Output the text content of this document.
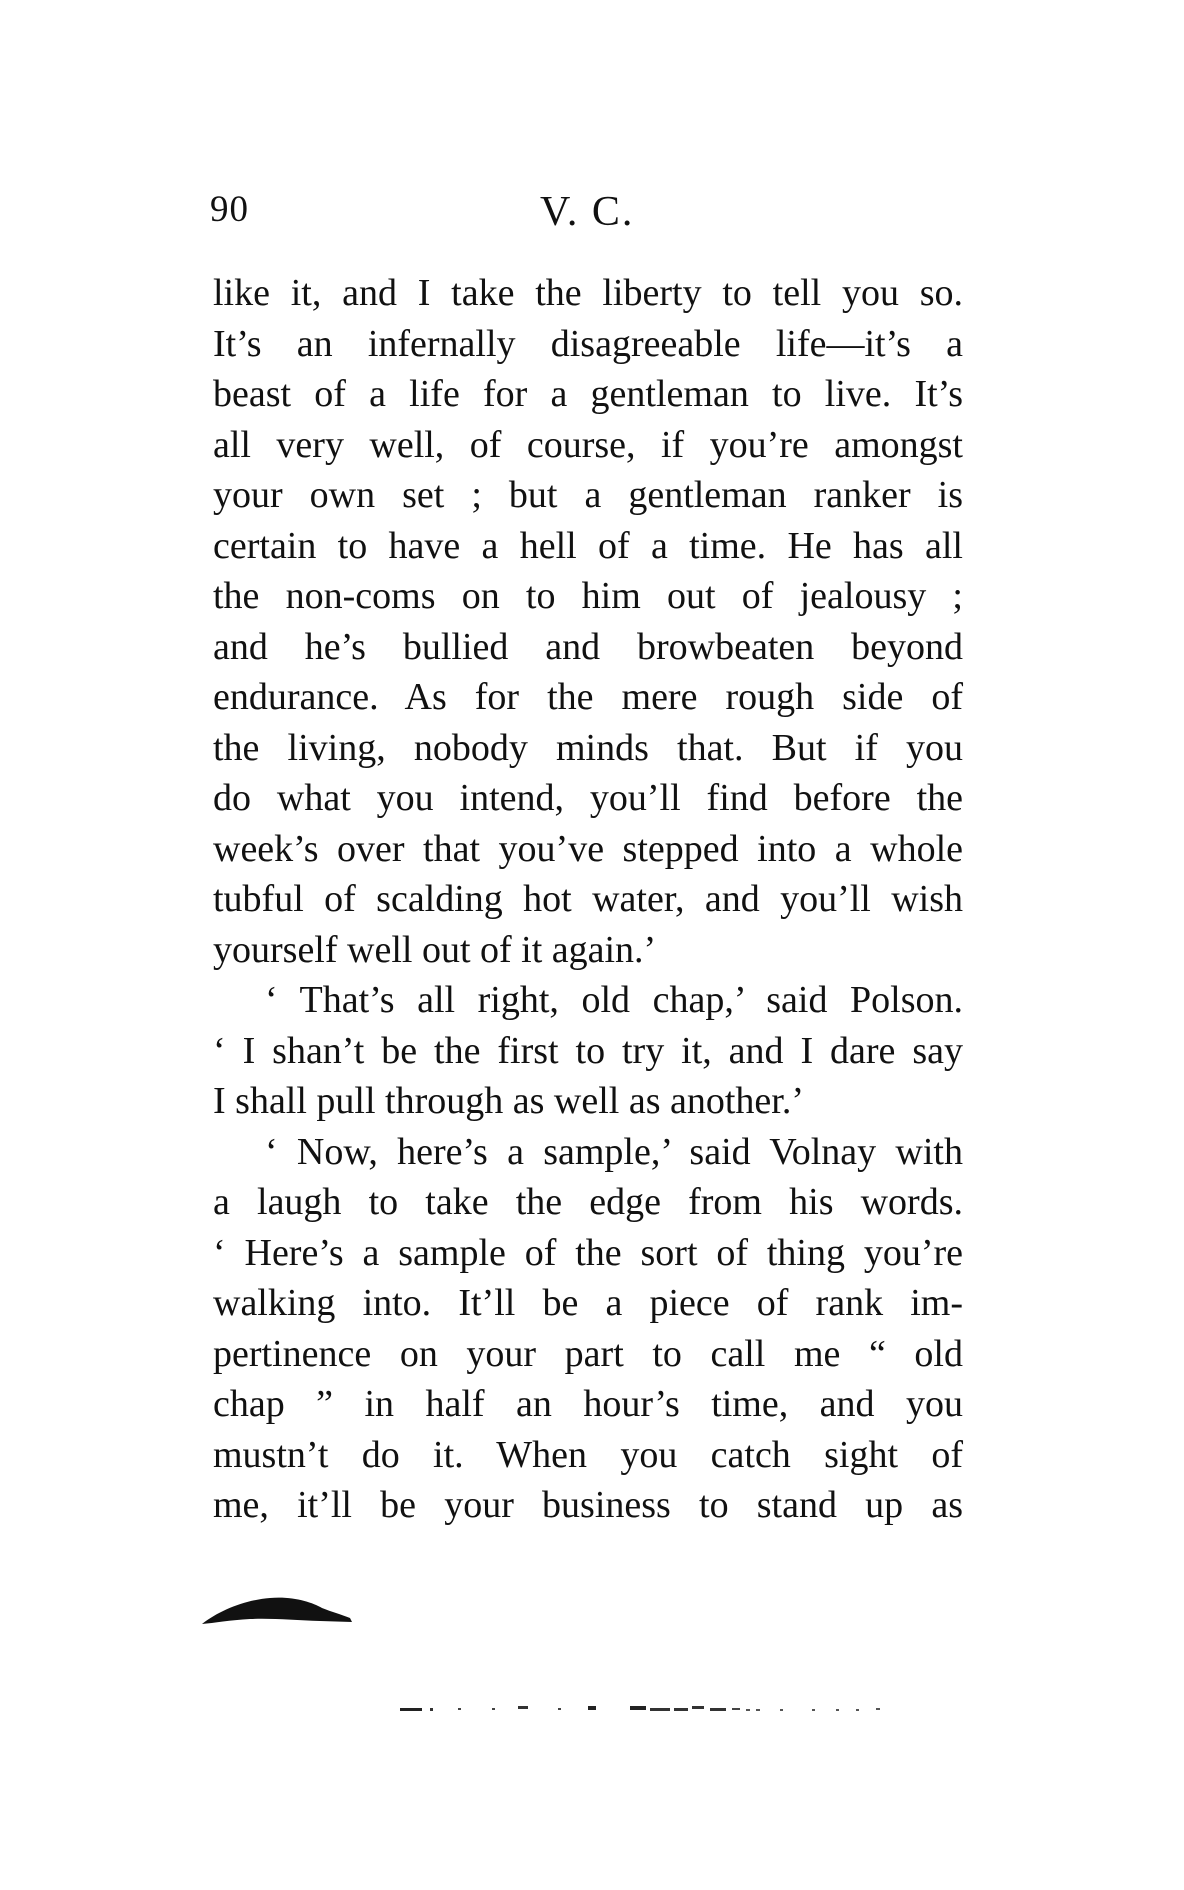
90	V. C.
like it, and I take the liberty to tell you so.
It’s an infernally disagreeable life—it’s a
beast of a life for a gentleman to live. It’s
all very well, of course, if you’re amongst
your own set ; but a gentleman ranker is
certain to have a hell of a time. He has all
the non-coms on to him out of jealousy ;
and he’s bullied and browbeaten beyond
endurance. As for the mere rough side of
the living, nobody minds that. But if you
do what you intend, you’ll find before the
week’s over that you’ve stepped into a whole
tubful of scalding hot water, and you’ll wish
yourself well out of it again.’
‘ That’s all right, old chap,’ said Polson.
‘ I shan’t be the first to try it, and I dare say
I shall pull through as well as another.’
‘ Now, here’s a sample,’ said Volnay with
a laugh to take the edge from his words.
‘ Here’s a sample of the sort of thing you’re
walking into. It’ll be a piece of rank im-
pertinence on your part to call me “ old
chap ” in half an hour’s time, and you
mustn’t do it. When you catch sight of
me, it’ll be your business to stand up as
